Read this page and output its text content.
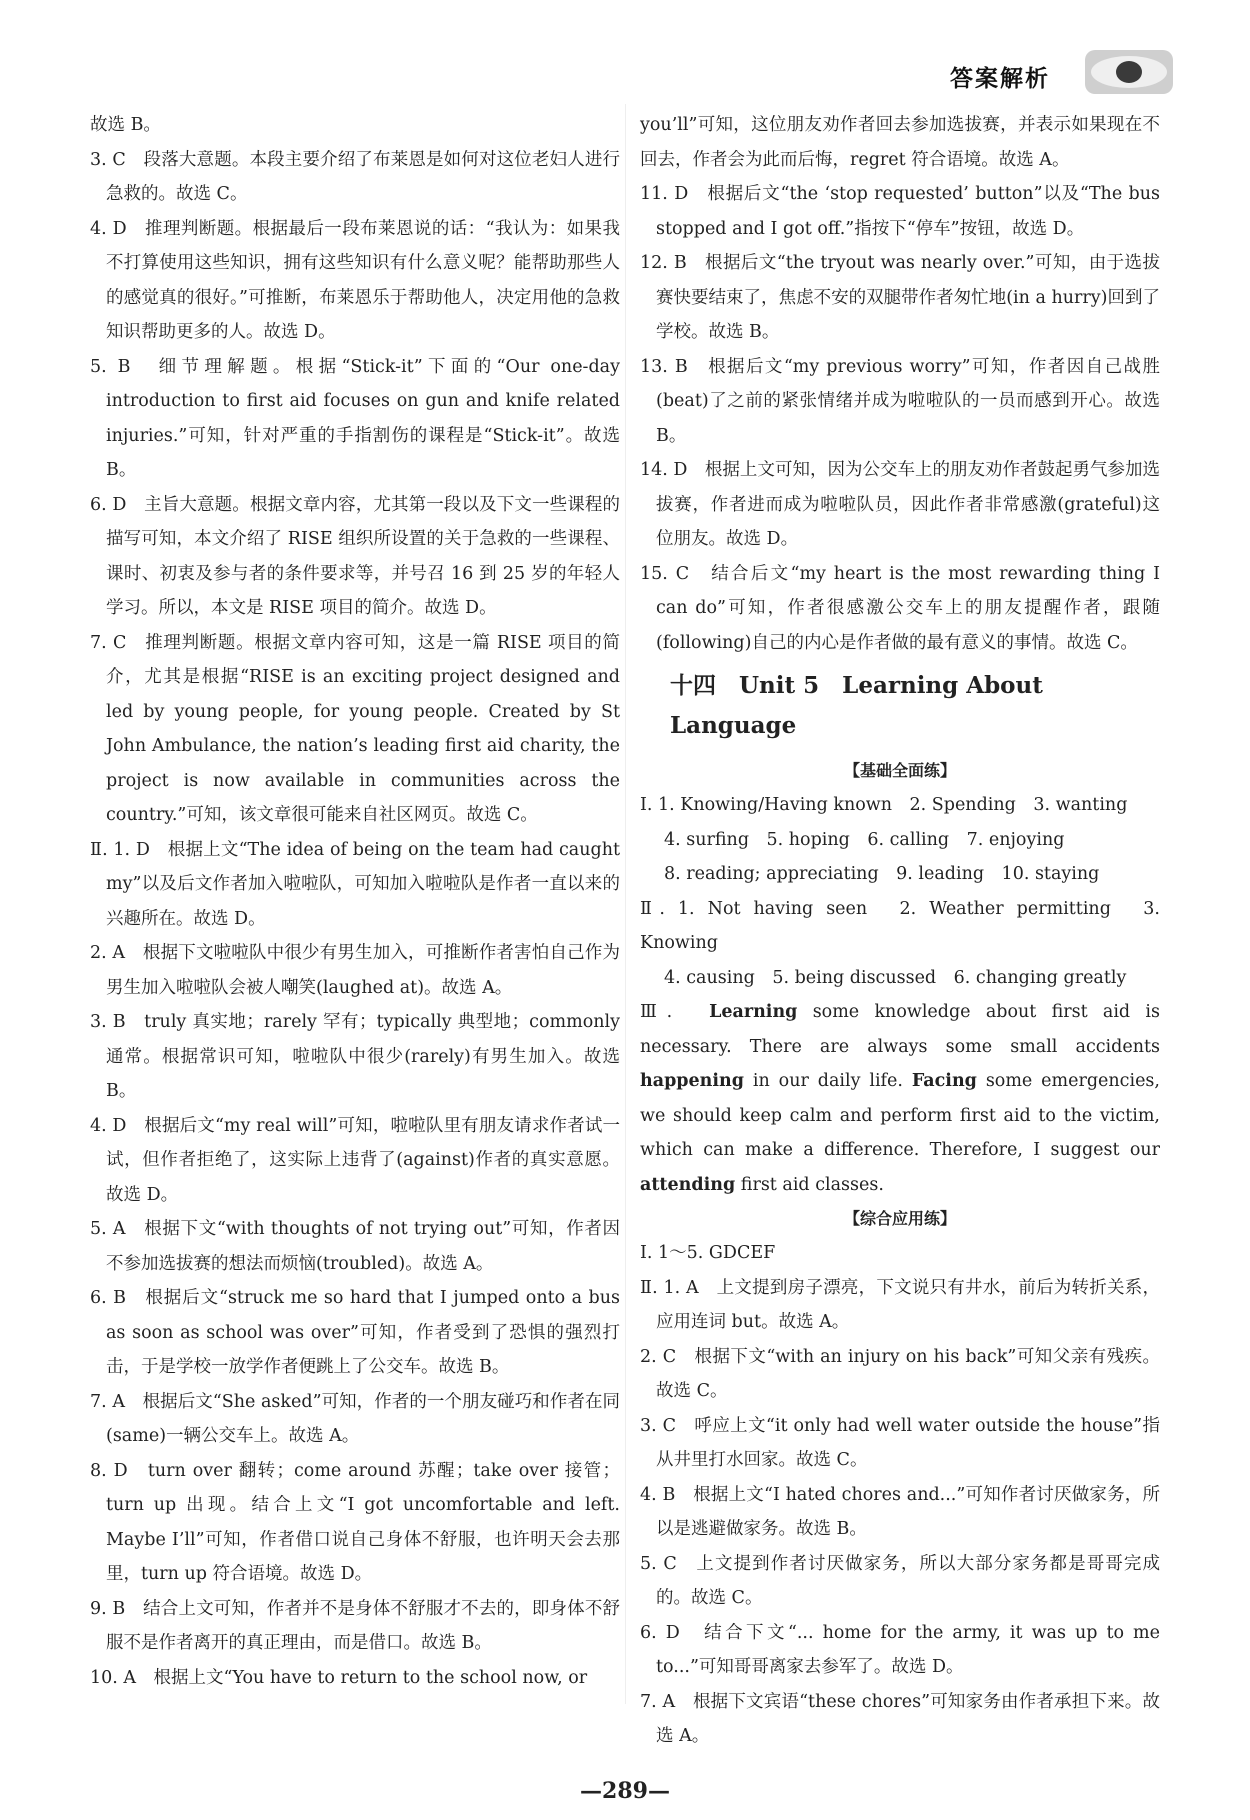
答案解析

故选 B。

3. C　段落大意题。本段主要介绍了布莱恩是如何对这位老妇人进行急救的。故选 C。

4. D　推理判断题。根据最后一段布莱恩说的话：“我认为：如果我不打算使用这些知识，拥有这些知识有什么意义呢？能帮助那些人的感觉真的很好。”可推断，布莱恩乐于帮助他人，决定用他的急救知识帮助更多的人。故选 D。

5. B　细节理解题。根据“Stick-it”下面的“Our one-day introduction to first aid focuses on gun and knife related injuries.”可知，针对严重的手指割伤的课程是“Stick-it”。故选 B。

6. D　主旨大意题。根据文章内容，尤其第一段以及下文一些课程的描写可知，本文介绍了 RISE 组织所设置的关于急救的一些课程、课时、初衷及参与者的条件要求等，并号召 16 到 25 岁的年轻人学习。所以，本文是 RISE 项目的简介。故选 D。

7. C　推理判断题。根据文章内容可知，这是一篇 RISE 项目的简介，尤其是根据“RISE is an exciting project designed and led by young people, for young people. Created by St John Ambulance, the nation’s leading first aid charity, the project is now available in communities across the country.”可知，该文章很可能来自社区网页。故选 C。

Ⅱ. 1. D　根据上文“The idea of being on the team had caught my”以及后文作者加入啦啦队，可知加入啦啦队是作者一直以来的兴趣所在。故选 D。

2. A　根据下文啦啦队中很少有男生加入，可推断作者害怕自己作为男生加入啦啦队会被人嘲笑(laughed at)。故选 A。

3. B　truly 真实地；rarely 罕有；typically 典型地；commonly 通常。根据常识可知，啦啦队中很少(rarely)有男生加入。故选 B。

4. D　根据后文“my real will”可知，啦啦队里有朋友请求作者试一试，但作者拒绝了，这实际上违背了(against)作者的真实意愿。故选 D。

5. A　根据下文“with thoughts of not trying out”可知，作者因不参加选拔赛的想法而烦恼(troubled)。故选 A。

6. B　根据后文“struck me so hard that I jumped onto a bus as soon as school was over”可知，作者受到了恐惧的强烈打击，于是学校一放学作者便跳上了公交车。故选 B。

7. A　根据后文“She asked”可知，作者的一个朋友碰巧和作者在同(same)一辆公交车上。故选 A。

8. D　turn over 翻转；come around 苏醒；take over 接管；turn up 出现。结合上文“I got uncomfortable and left. Maybe I’ll”可知，作者借口说自己身体不舒服，也许明天会去那里，turn up 符合语境。故选 D。

9. B　结合上文可知，作者并不是身体不舒服才不去的，即身体不舒服不是作者离开的真正理由，而是借口。故选 B。

10. A　根据上文“You have to return to the school now, or

you’ll”可知，这位朋友劝作者回去参加选拔赛，并表示如果现在不回去，作者会为此而后悔，regret 符合语境。故选 A。

11. D　根据后文“the ‘stop requested’ button”以及“The bus stopped and I got off.”指按下“停车”按钮，故选 D。

12. B　根据后文“the tryout was nearly over.”可知，由于选拔赛快要结束了，焦虑不安的双腿带作者匆忙地(in a hurry)回到了学校。故选 B。

13. B　根据后文“my previous worry”可知，作者因自己战胜(beat)了之前的紧张情绪并成为啦啦队的一员而感到开心。故选 B。

14. D　根据上文可知，因为公交车上的朋友劝作者鼓起勇气参加选拔赛，作者进而成为啦啦队员，因此作者非常感激(grateful)这位朋友。故选 D。

15. C　结合后文“my heart is the most rewarding thing I can do”可知，作者很感激公交车上的朋友提醒作者，跟随(following)自己的内心是作者做的最有意义的事情。故选 C。

十四　Unit 5　Learning About Language
【基础全面练】

Ⅰ. 1. Knowing/Having known　2. Spending　3. wanting

4. surfing　5. hoping　6. calling　7. enjoying

8. reading; appreciating　9. leading　10. staying

Ⅱ. 1. Not having seen　2. Weather permitting　3. Knowing

4. causing　5. being discussed　6. changing greatly

Ⅲ.　Learning some knowledge about first aid is necessary. There are always some small accidents happening in our daily life. Facing some emergencies, we should keep calm and perform first aid to the victim, which can make a difference. Therefore, I suggest our attending first aid classes.

【综合应用练】

Ⅰ. 1～5. GDCEF

Ⅱ. 1. A　上文提到房子漂亮，下文说只有井水，前后为转折关系，应用连词 but。故选 A。

2. C　根据下文“with an injury on his back”可知父亲有残疾。故选 C。

3. C　呼应上文“it only had well water outside the house”指从井里打水回家。故选 C。

4. B　根据上文“I hated chores and...”可知作者讨厌做家务，所以是逃避做家务。故选 B。

5. C　上文提到作者讨厌做家务，所以大部分家务都是哥哥完成的。故选 C。

6. D　结合下文“... home for the army, it was up to me to...”可知哥哥离家去参军了。故选 D。

7. A　根据下文宾语“these chores”可知家务由作者承担下来。故选 A。

—289—
